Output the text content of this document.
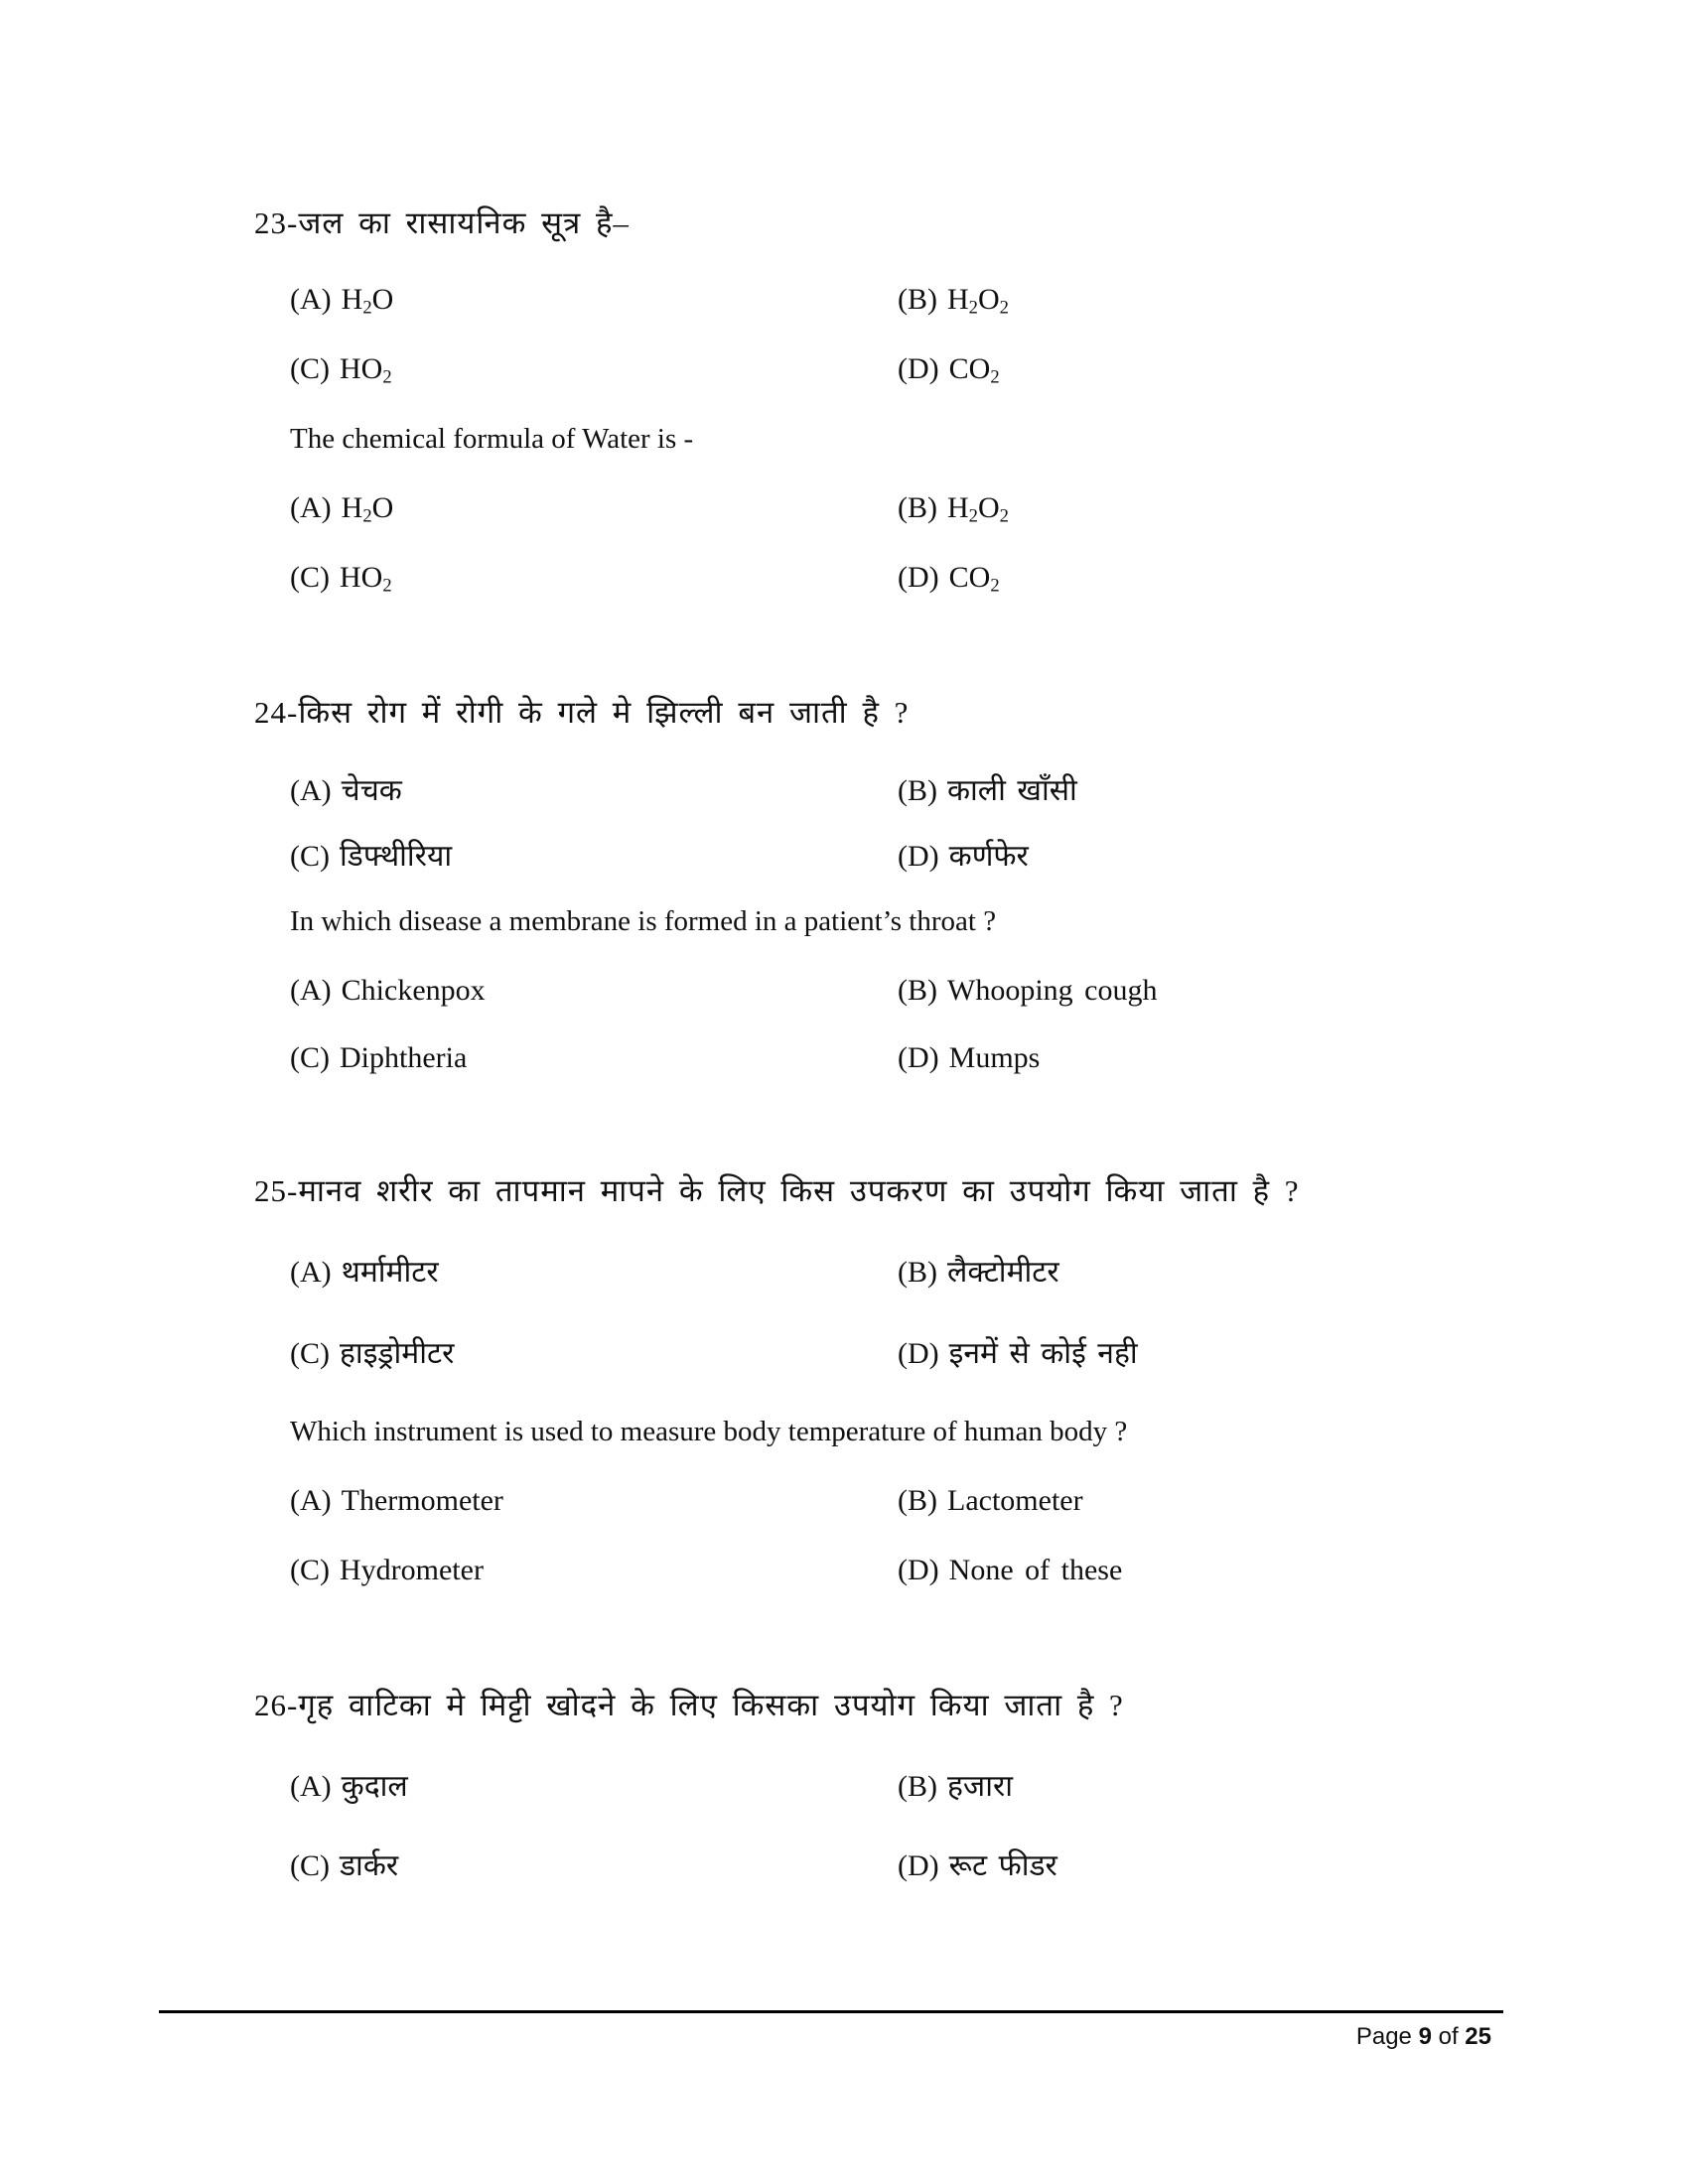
23-जल का रासायनिक सूत्र है–
(A) $H_2O$	(B) $H_2O_2$
(C) $HO_2$	(D) $CO_2$
The chemical formula of Water is -
(A) $H_2O$	(B) $H_2O_2$
(C) $HO_2$	(D) $CO_2$
24-किस रोग में रोगी के गले मे झिल्ली बन जाती है ?
(A) चेचक	(B) काली खाँसी
(C) डिफ्थीरिया	(D) कर्णफेर
In which disease a membrane is formed in a patient’s throat ?
(A) Chickenpox	(B) Whooping cough
(C) Diphtheria	(D) Mumps
25-मानव शरीर का तापमान मापने के लिए किस उपकरण का उपयोग किया जाता है ?
(A) थर्मामीटर	(B) लैक्टोमीटर
(C) हाइड्रोमीटर	(D) इनमें से कोई नही
Which instrument is used to measure body temperature of human body ?
(A) Thermometer	(B) Lactometer
(C) Hydrometer	(D) None of these
26-गृह वाटिका मे मिट्टी खोदने के लिए किसका उपयोग किया जाता है ?
(A) कुदाल	(B) हजारा
(C) डार्कर	(D) रूट फीडर
Page 9 of 25
